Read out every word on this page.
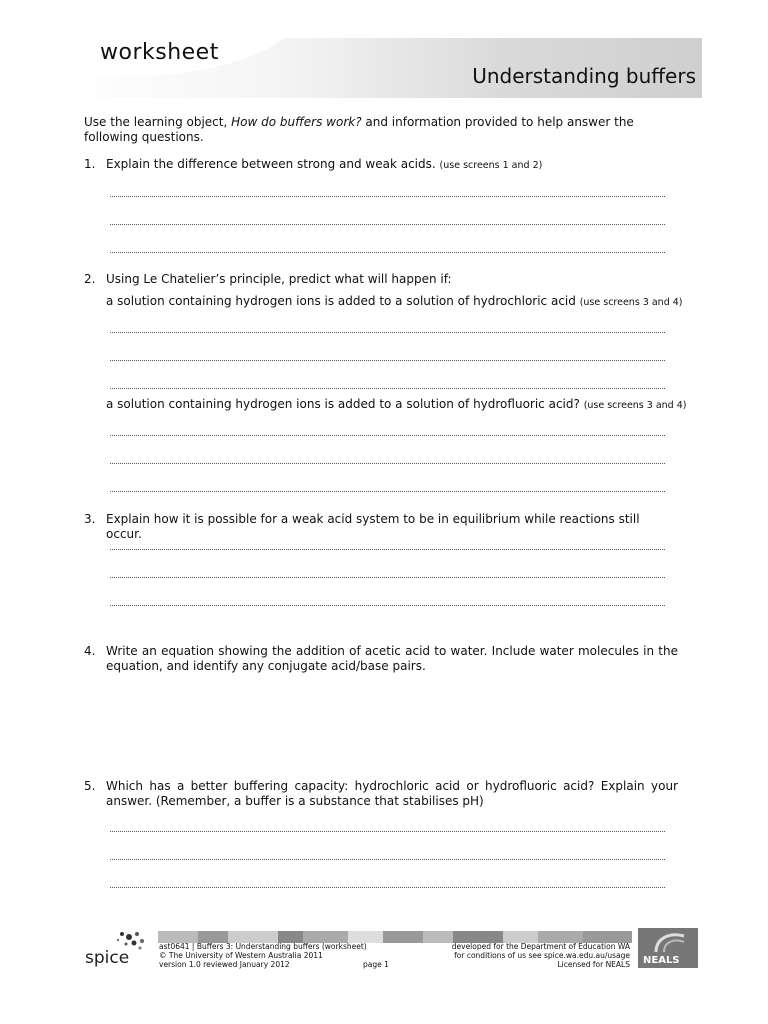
worksheet
Understanding buffers
Use the learning object, How do buffers work? and information provided to help answer the following questions.
1. Explain the difference between strong and weak acids. (use screens 1 and 2)
2. Using Le Chatelier’s principle, predict what will happen if:
a solution containing hydrogen ions is added to a solution of hydrochloric acid (use screens 3 and 4)
a solution containing hydrogen ions is added to a solution of hydrofluoric acid? (use screens 3 and 4)
3. Explain how it is possible for a weak acid system to be in equilibrium while reactions still occur.
4. Write an equation showing the addition of acetic acid to water. Include water molecules in the equation, and identify any conjugate acid/base pairs.
5. Which has a better buffering capacity: hydrochloric acid or hydrofluoric acid? Explain your answer. (Remember, a buffer is a substance that stabilises pH)
spice
ast0641 | Buffers 3: Understanding buffers (worksheet)
© The University of Western Australia 2011
version 1.0 reviewed January 2012	page 1
developed for the Department of Education WA
for conditions of us see spice.wa.edu.au/usage
Licensed for NEALS NEALS
